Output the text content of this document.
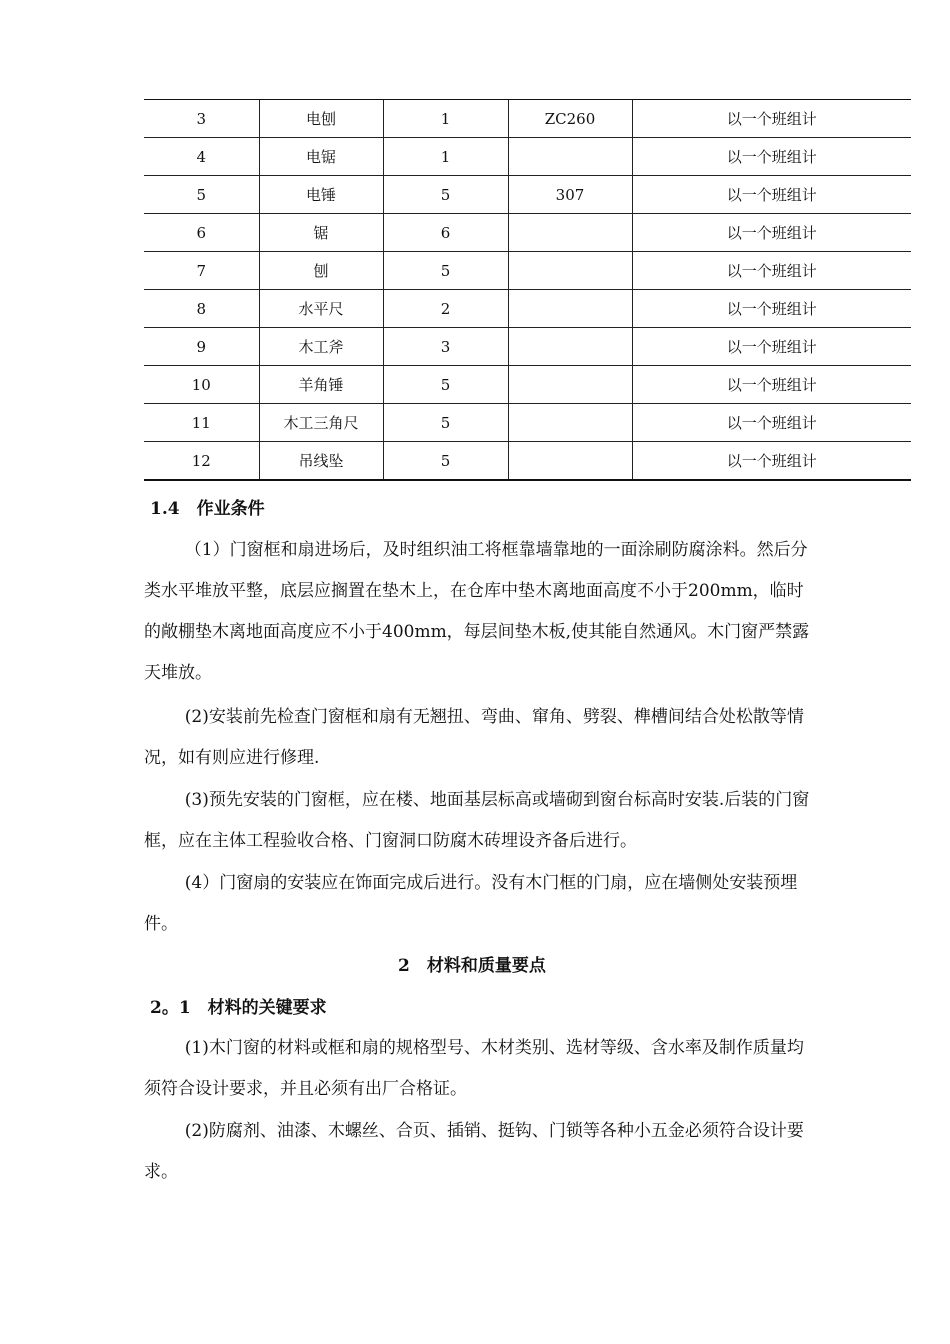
3	电刨	1	ZC260	以一个班组计
4	电锯	1		以一个班组计
5	电锤	5	307	以一个班组计
6	锯	6		以一个班组计
7	刨	5		以一个班组计
8	水平尺	2		以一个班组计
9	木工斧	3		以一个班组计
10	羊角锤	5		以一个班组计
11	木工三角尺	5		以一个班组计
12	吊线坠	5		以一个班组计
1.4　作业条件

（1）门窗框和扇进场后，及时组织油工将框靠墙靠地的一面涂刷防腐涂料。然后分类水平堆放平整，底层应搁置在垫木上，在仓库中垫木离地面高度不小于200mm，临时的敞棚垫木离地面高度应不小于400mm，每层间垫木板,使其能自然通风。木门窗严禁露天堆放。

(2)安装前先检查门窗框和扇有无翘扭、弯曲、窜角、劈裂、榫槽间结合处松散等情况，如有则应进行修理.

(3)预先安装的门窗框，应在楼、地面基层标高或墙砌到窗台标高时安装.后装的门窗框，应在主体工程验收合格、门窗洞口防腐木砖埋设齐备后进行。

(4）门窗扇的安装应在饰面完成后进行。没有木门框的门扇，应在墙侧处安装预埋件。

2　材料和质量要点
2。1　材料的关键要求

(1)木门窗的材料或框和扇的规格型号、木材类别、选材等级、含水率及制作质量均须符合设计要求，并且必须有出厂合格证。

(2)防腐剂、油漆、木螺丝、合页、插销、挺钩、门锁等各种小五金必须符合设计要求。
